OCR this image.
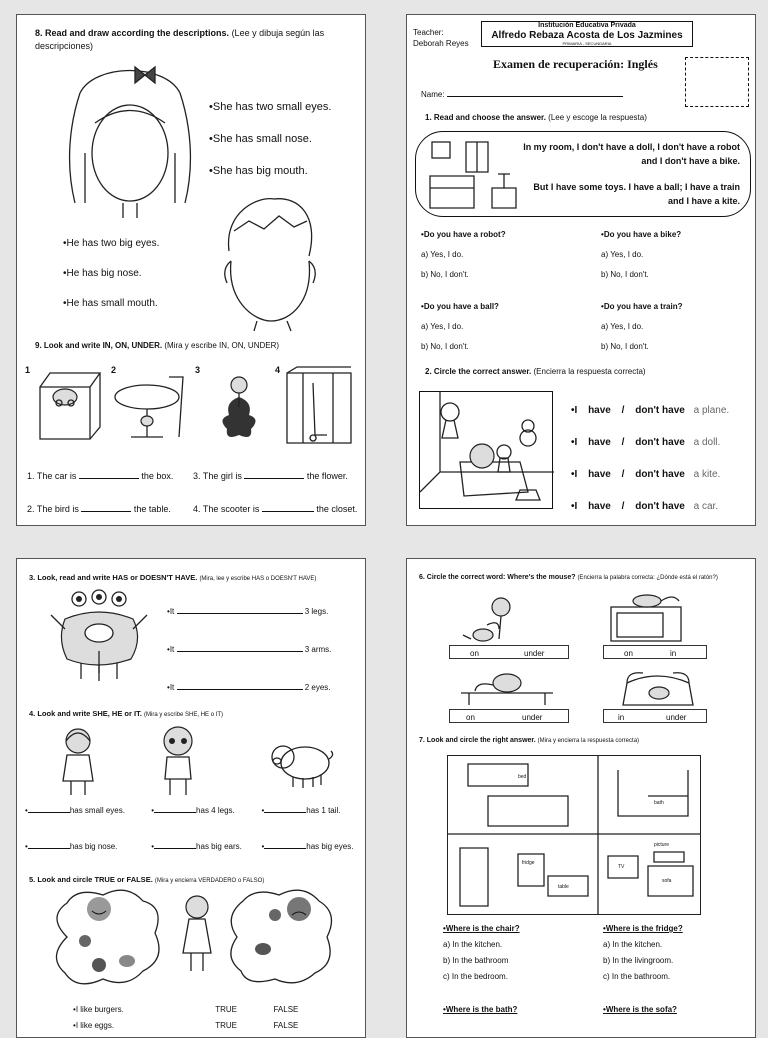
8. Read and draw according the descriptions. (Lee y dibuja según las descripciones)
• She has two small eyes.
• She has small nose.
• She has big mouth.
• He has two big eyes.
• He has big nose.
• He has small mouth.
9. Look and write IN, ON, UNDER. (Mira y escribe IN, ON, UNDER)
1	2	3	4
1. The car is	the box. 3. The girl is	the flower.
2. The bird is	the table. 4. The scooter is	the closet.
Teacher:
Deborah Reyes
Institución Educativa Privada
Alfredo Rebaza Acosta de Los Jazmines
PRIMARIA - SECUNDARIA
Examen de recuperación: Inglés
Name:
1. Read and choose the answer. (Lee y escoge la respuesta)
In my room, I don't have a doll, I don't have a robot and I don't have a bike.
But I have some toys. I have a ball; I have a train and I have a kite.
• Do you have a robot?
a) Yes, I do.
b) No, I don't.
• Do you have a bike?
a) Yes, I do.
b) No, I don't.
• Do you have a ball?
a) Yes, I do.
b) No, I don't.
• Do you have a train?
a) Yes, I do.
b) No, I don't.
2. Circle the correct answer. (Encierra la respuesta correcta)
• I have / don't have a plane.
• I have / don't have a doll.
• I have / don't have a kite.
• I have / don't have a car.
3. Look, read and write HAS or DOESN'T HAVE. (Mira, lee y escribe HAS o DOESN'T HAVE)
• It	3 legs.
• It	3 arms.
• It	2 eyes.
4. Look and write SHE, HE or IT. (Mira y escribe SHE, HE o IT)
• has small eyes.	• has 4 legs.	• has 1 tail.
• has big nose.	• has big ears.	• has big eyes.
5. Look and circle TRUE or FALSE. (Mira y encierra VERDADERO o FALSO)
• I like burgers.	TRUE	FALSE
• I like eggs.	TRUE	FALSE
6. Circle the correct word: Where's the mouse? (Encierra la palabra correcta: ¿Dónde está el ratón?)
on	under	on	in
on	under	in	under
7. Look and circle the right answer. (Mira y encierra la respuesta correcta)
bed
bath
picture
fridge
table
TV
sofa
• Where is the chair?
a) In the kitchen.
b) In the bathroom
c) In the bedroom.
• Where is the fridge?
a) In the kitchen.
b) In the livingroom.
c) In the bathroom.
• Where is the bath?	• Where is the sofa?
